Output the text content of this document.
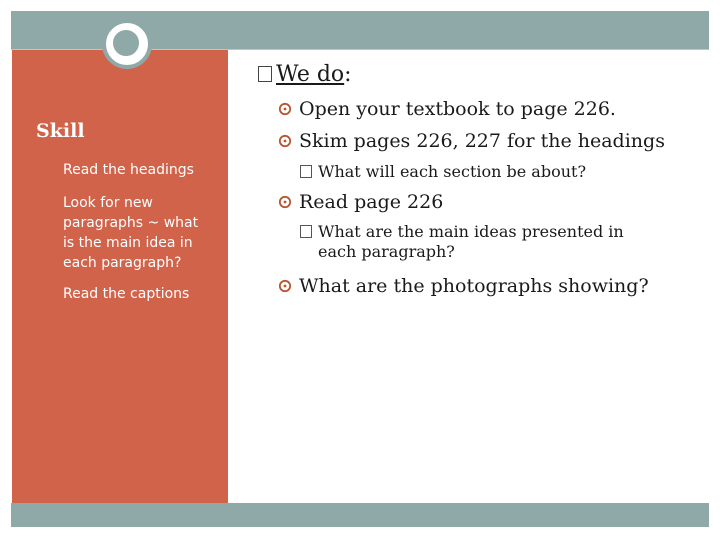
Skill
Read the headings
Look for new paragraphs ~ what is the main idea in each paragraph?
Read the captions
We do:
Open your textbook to page 226.
Skim pages 226, 227 for the headings
What will each section be about?
Read page 226
What are the main ideas presented in
each paragraph?
What are the photographs showing?
